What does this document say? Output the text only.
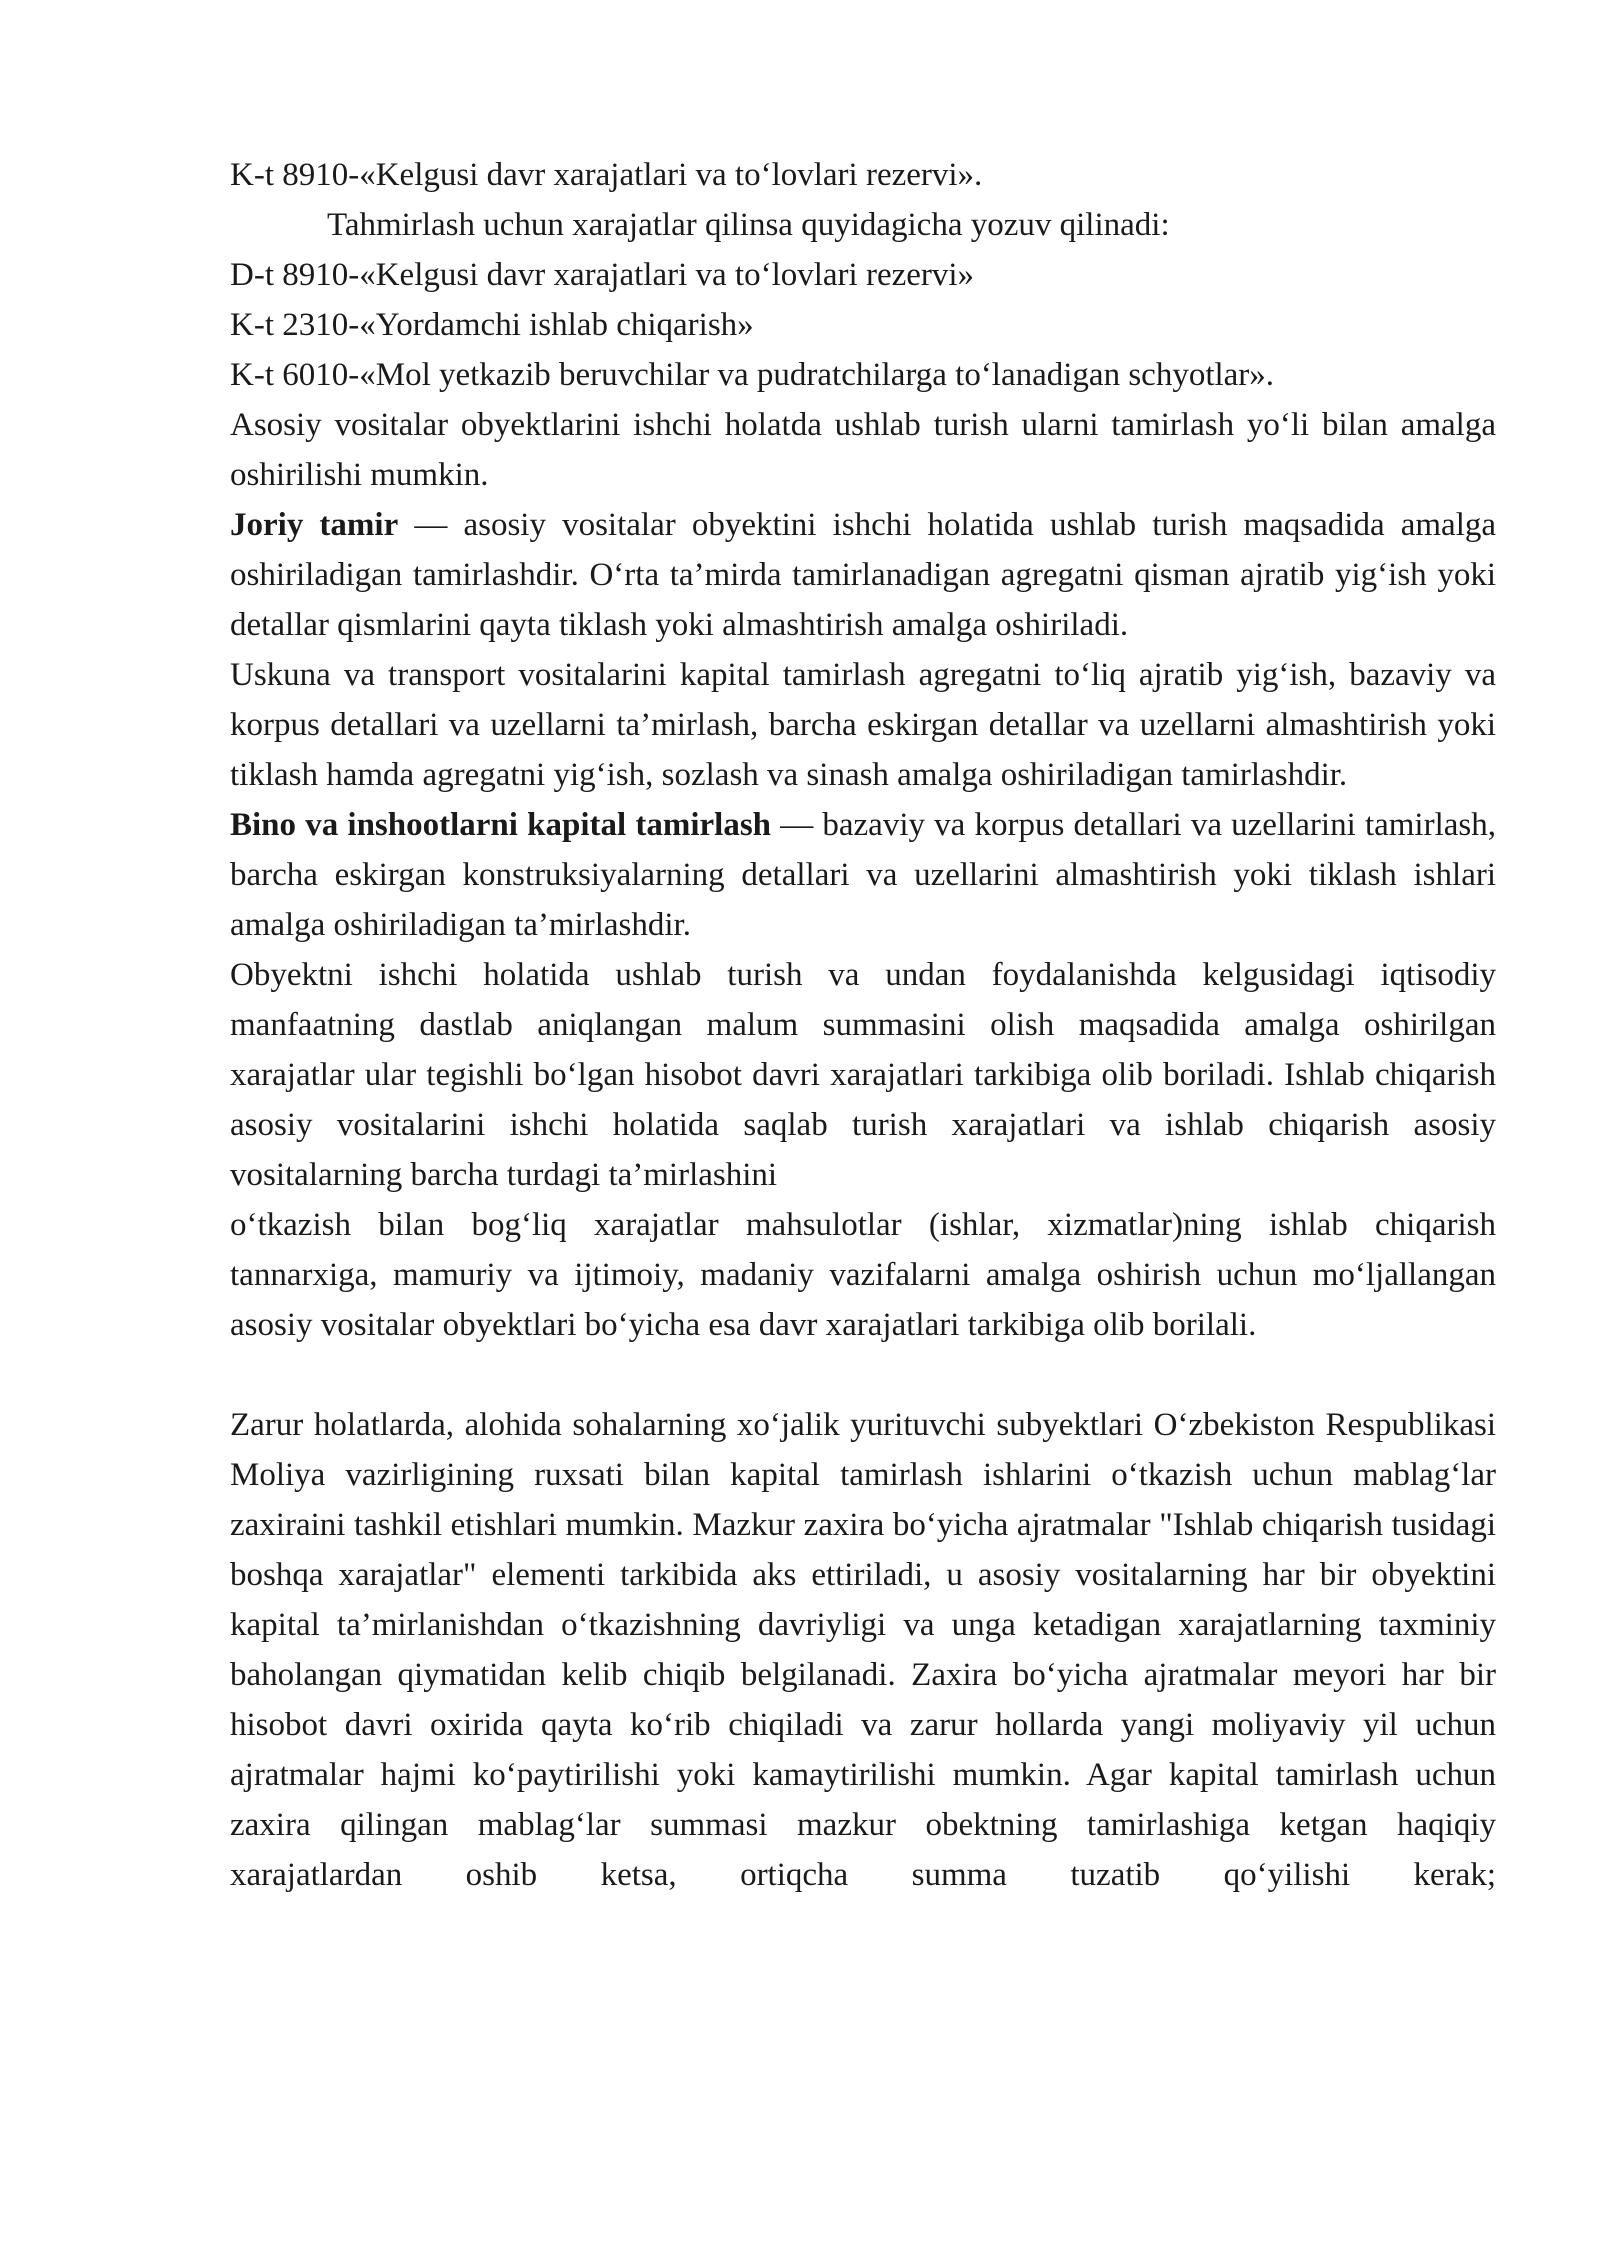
K-t 8910-«Kelgusi davr xarajatlari va to‘lovlari rezervi».

Tahmirlash uchun xarajatlar qilinsa quyidagicha yozuv qilinadi:

D-t 8910-«Kelgusi davr xarajatlari va to‘lovlari rezervi»

K-t 2310-«Yordamchi ishlab chiqarish»

K-t 6010-«Mol yetkazib beruvchilar va pudratchilarga to‘lanadigan schyotlar».

Asosiy vositalar obyektlarini ishchi holatda ushlab turish ularni tamirlash yo‘li bilan amalga oshirilishi mumkin.

Joriy tamir — asosiy vositalar obyektini ishchi holatida ushlab turish maqsadida amalga oshiriladigan tamirlashdir. O‘rta ta’mirda tamirlanadigan agregatni qisman ajratib yig‘ish yoki detallar qismlarini qayta tiklash yoki almashtirish amalga oshiriladi.

Uskuna va transport vositalarini kapital tamirlash agregatni to‘liq ajratib yig‘ish, bazaviy va korpus detallari va uzellarni ta’mirlash, barcha eskirgan detallar va uzellarni almashtirish yoki tiklash hamda agregatni yig‘ish, sozlash va sinash amalga oshiriladigan tamirlashdir.

Bino va inshootlarni kapital tamirlash — bazaviy va korpus detallari va uzellarini tamirlash, barcha eskirgan konstruksiyalarning detallari va uzellarini almashtirish yoki tiklash ishlari amalga oshiriladigan ta’mirlashdir.

Obyektni ishchi holatida ushlab turish va undan foydalanishda kelgusidagi iqtisodiy manfaatning dastlab aniqlangan malum summasini olish maqsadida amalga oshirilgan xarajatlar ular tegishli bo‘lgan hisobot davri xarajatlari tarkibiga olib boriladi. Ishlab chiqarish asosiy vositalarini ishchi holatida saqlab turish xarajatlari va ishlab chiqarish asosiy vositalarning barcha turdagi ta’mirlashini

o‘tkazish bilan bog‘liq xarajatlar mahsulotlar (ishlar, xizmatlar)ning ishlab chiqarish tannarxiga, mamuriy va ijtimoiy, madaniy vazifalarni amalga oshirish uchun mo‘ljallangan asosiy vositalar obyektlari bo‘yicha esa davr xarajatlari tarkibiga olib borilali.

Zarur holatlarda, alohida sohalarning xo‘jalik yurituvchi subyektlari O‘zbekiston Respublikasi Moliya vazirligining ruxsati bilan kapital tamirlash ishlarini o‘tkazish uchun mablag‘lar zaxiraini tashkil etishlari mumkin. Mazkur zaxira bo‘yicha ajratmalar "Ishlab chiqarish tusidagi boshqa xarajatlar" elementi tarkibida aks ettiriladi, u asosiy vositalarning har bir obyektini kapital ta’mirlanishdan o‘tkazishning davriyligi va unga ketadigan xarajatlarning taxminiy baholangan qiymatidan kelib chiqib belgilanadi. Zaxira bo‘yicha ajratmalar meyori har bir hisobot davri oxirida qayta ko‘rib chiqiladi va zarur hollarda yangi moliyaviy yil uchun ajratmalar hajmi ko‘paytirilishi yoki kamaytirilishi mumkin. Agar kapital tamirlash uchun zaxira qilingan mablag‘lar summasi mazkur obektning tamirlashiga ketgan haqiqiy xarajatlardan oshib ketsa, ortiqcha summa tuzatib qo‘yilishi kerak;
